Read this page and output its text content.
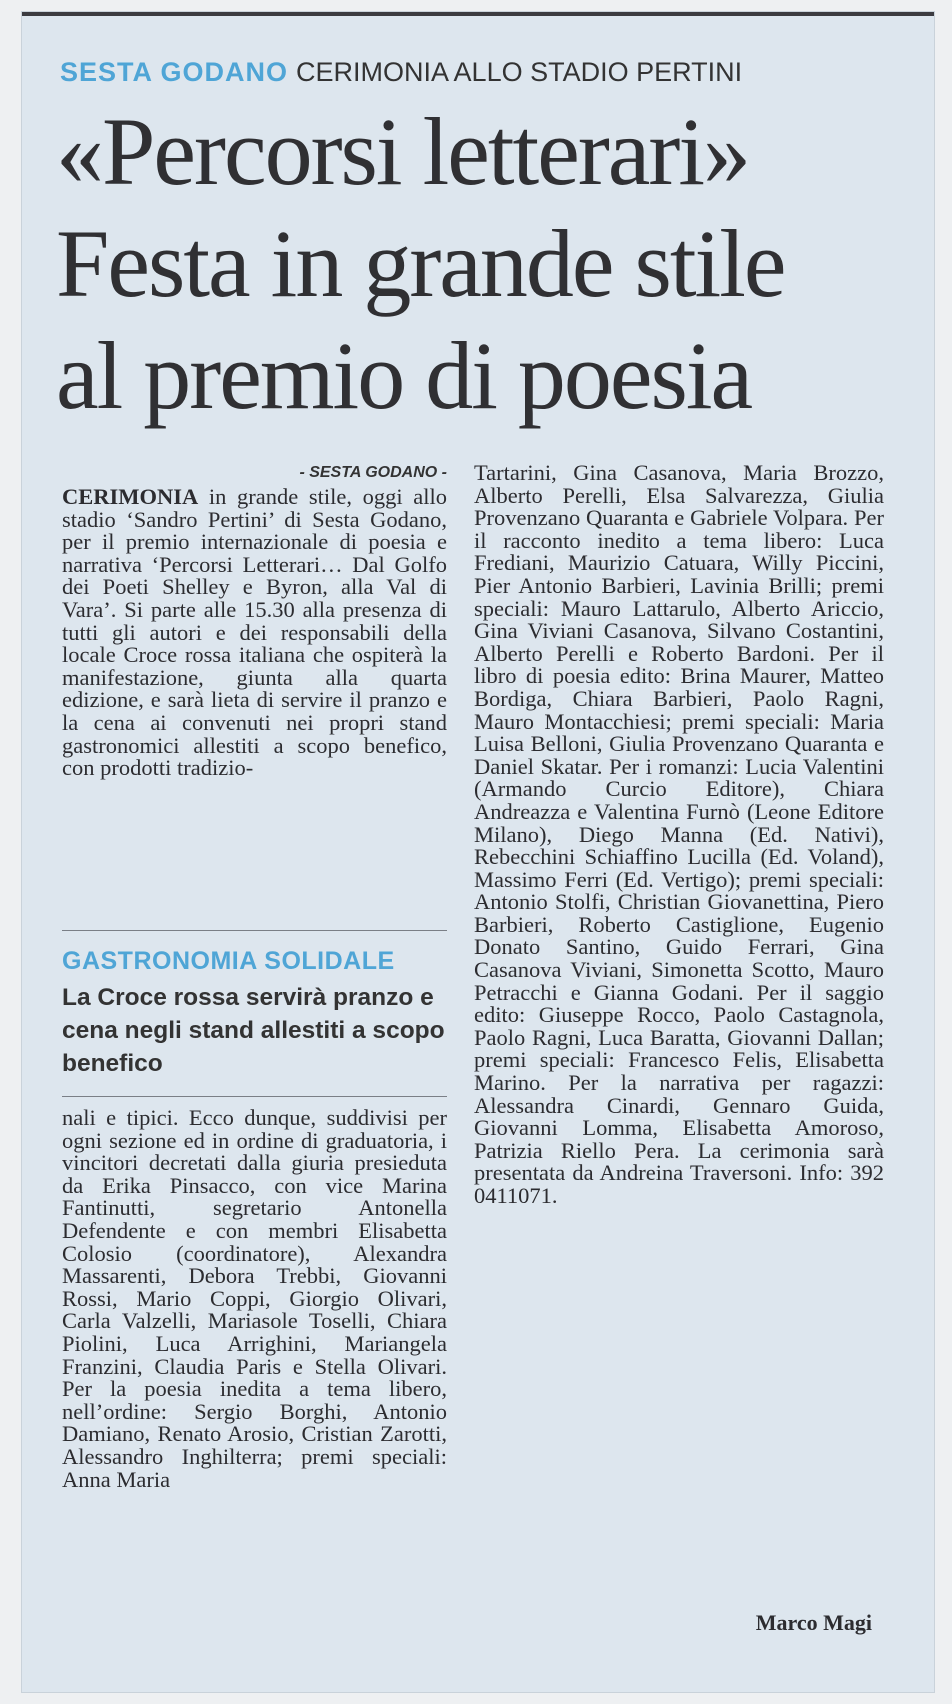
SESTA GODANO CERIMONIA ALLO STADIO PERTINI
«Percorsi letterari»
Festa in grande stile
al premio di poesia
- SESTA GODANO -

CERIMONIA in grande stile, oggi allo stadio ‘Sandro Pertini’ di Sesta Godano, per il premio internazionale di poesia e narrativa ‘Percorsi Letterari… Dal Golfo dei Poeti Shelley e Byron, alla Val di Vara’. Si parte alle 15.30 alla presenza di tutti gli autori e dei responsabili della locale Croce rossa italiana che ospiterà la manifestazione, giunta alla quarta edizione, e sarà lieta di servire il pranzo e la cena ai convenuti nei propri stand gastronomici allestiti a scopo benefico, con prodotti tradizio-

GASTRONOMIA SOLIDALE
La Croce rossa servirà pranzo e cena negli stand allestiti a scopo benefico

nali e tipici. Ecco dunque, suddivisi per ogni sezione ed in ordine di graduatoria, i vincitori decretati dalla giuria presieduta da Erika Pinsacco, con vice Marina Fantinutti, segretario Antonella Defendente e con membri Elisabetta Colosio (coordinatore), Alexandra Massarenti, Debora Trebbi, Giovanni Rossi, Mario Coppi, Giorgio Olivari, Carla Valzelli, Mariasole Toselli, Chiara Piolini, Luca Arrighini, Mariangela Franzini, Claudia Paris e Stella Olivari. Per la poesia inedita a tema libero, nell’ordine: Sergio Borghi, Antonio Damiano, Renato Arosio, Cristian Zarotti, Alessandro Inghilterra; premi speciali: Anna Maria

Tartarini, Gina Casanova, Maria Brozzo, Alberto Perelli, Elsa Salvarezza, Giulia Provenzano Quaranta e Gabriele Volpara. Per il racconto inedito a tema libero: Luca Frediani, Maurizio Catuara, Willy Piccini, Pier Antonio Barbieri, Lavinia Brilli; premi speciali: Mauro Lattarulo, Alberto Ariccio, Gina Viviani Casanova, Silvano Costantini, Alberto Perelli e Roberto Bardoni. Per il libro di poesia edito: Brina Maurer, Matteo Bordiga, Chiara Barbieri, Paolo Ragni, Mauro Montacchiesi; premi speciali: Maria Luisa Belloni, Giulia Provenzano Quaranta e Daniel Skatar. Per i romanzi: Lucia Valentini (Armando Curcio Editore), Chiara Andreazza e Valentina Furnò (Leone Editore Milano), Diego Manna (Ed. Nativi), Rebecchini Schiaffino Lucilla (Ed. Voland), Massimo Ferri (Ed. Vertigo); premi speciali: Antonio Stolfi, Christian Giovanettina, Piero Barbieri, Roberto Castiglione, Eugenio Donato Santino, Guido Ferrari, Gina Casanova Viviani, Simonetta Scotto, Mauro Petracchi e Gianna Godani. Per il saggio edito: Giuseppe Rocco, Paolo Castagnola, Paolo Ragni, Luca Baratta, Giovanni Dallan; premi speciali: Francesco Felis, Elisabetta Marino. Per la narrativa per ragazzi: Alessandra Cinardi, Gennaro Guida, Giovanni Lomma, Elisabetta Amoroso, Patrizia Riello Pera. La cerimonia sarà presentata da Andreina Traversoni. Info: 392 0411071.

Marco Magi
